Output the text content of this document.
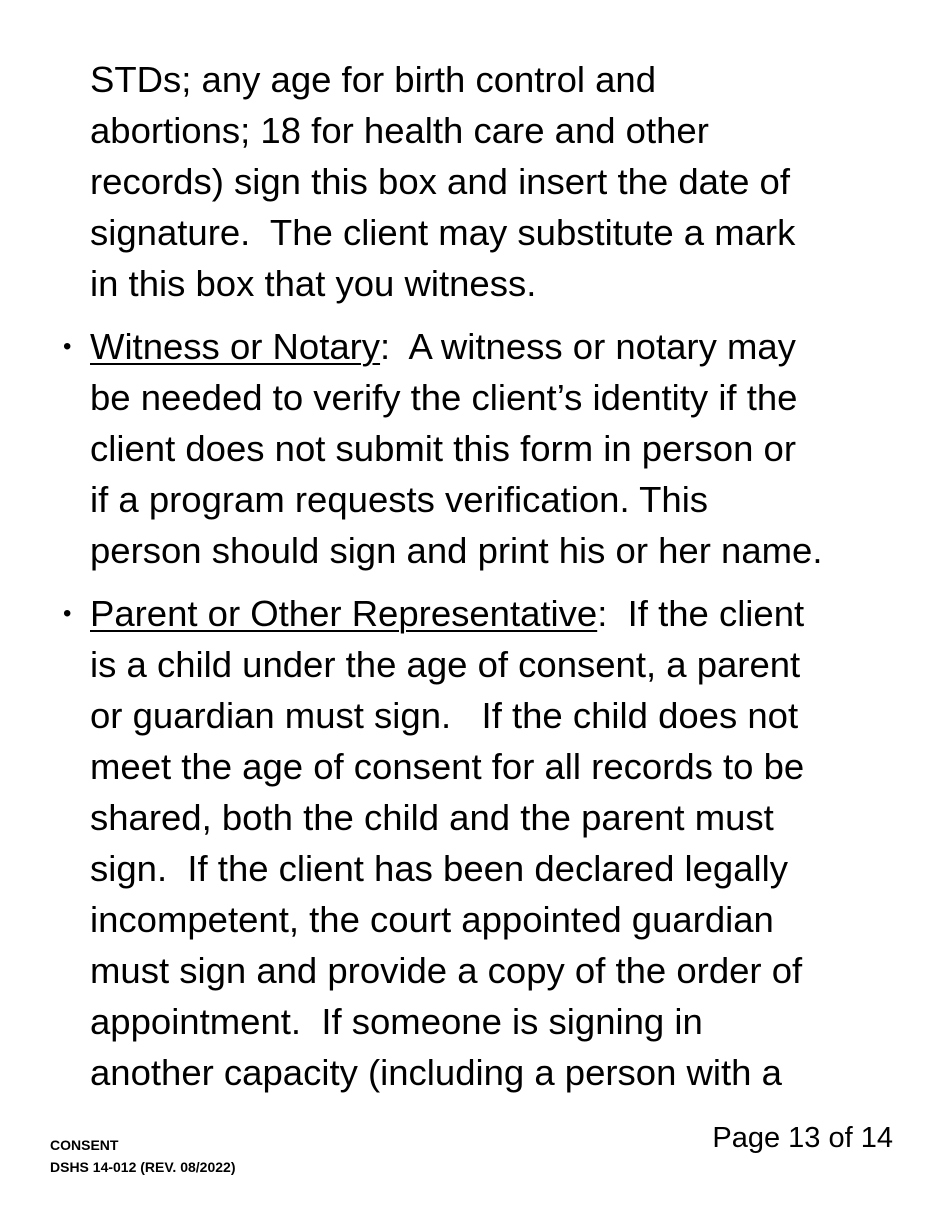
STDs; any age for birth control and
abortions; 18 for health care and other
records) sign this box and insert the date of
signature.  The client may substitute a mark
in this box that you witness.
• Witness or Notary:  A witness or notary may
be needed to verify the client’s identity if the
client does not submit this form in person or
if a program requests verification. This
person should sign and print his or her name.
• Parent or Other Representative:  If the client
is a child under the age of consent, a parent
or guardian must sign.   If the child does not
meet the age of consent for all records to be
shared, both the child and the parent must
sign.  If the client has been declared legally
incompetent, the court appointed guardian
must sign and provide a copy of the order of
appointment.  If someone is signing in
another capacity (including a person with a
CONSENT
DSHS 14-012 (REV. 08/2022)
Page 13 of 14
